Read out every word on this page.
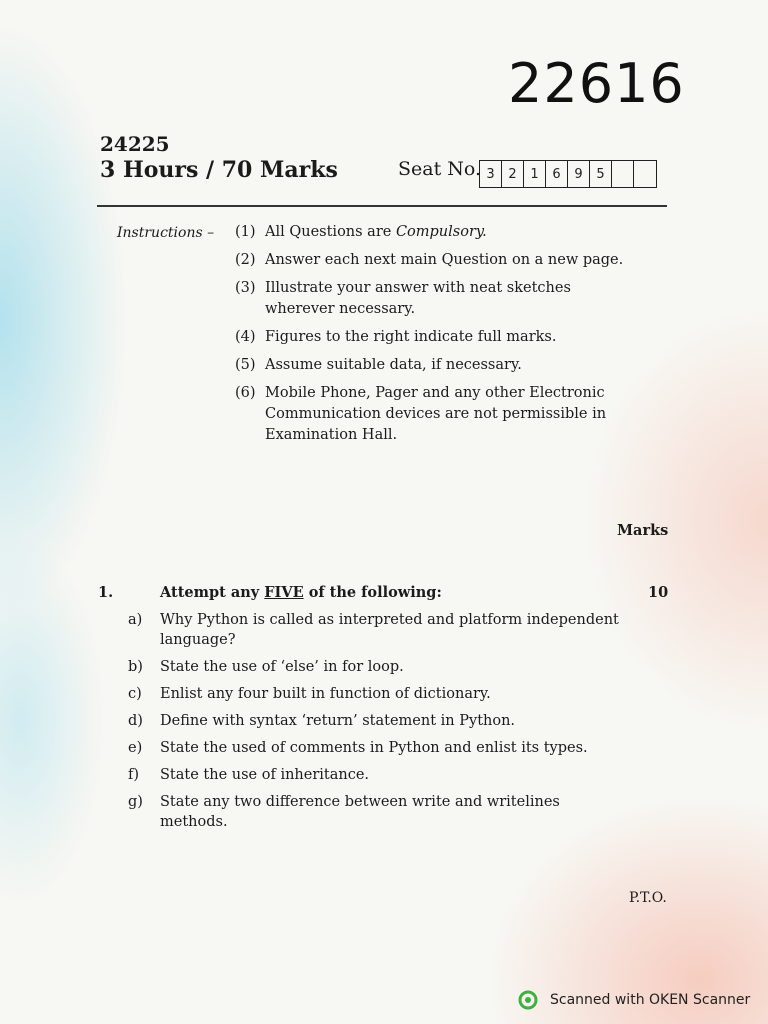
22616
24225
3 Hours / 70 Marks	Seat No. 3	2	1	6	9	5
Instructions – (1) All Questions are Compulsory.
(2) Answer each next main Question on a new page.
(3) Illustrate your answer with neat sketches wherever necessary.
(4) Figures to the right indicate full marks.
(5) Assume suitable data, if necessary.
(6) Mobile Phone, Pager and any other Electronic Communication devices are not permissible in Examination Hall.
Marks
1.	Attempt any FIVE of the following:	10
a)	Why Python is called as interpreted and platform independent language?
b)	State the use of ‘else’ in for loop.
c)	Enlist any four built in function of dictionary.
d)	Define with syntax ‘return’ statement in Python.
e)	State the used of comments in Python and enlist its types.
f)	State the use of inheritance.
g)	State any two difference between write and writelines methods.
P.T.O.
Scanned with OKEN Scanner
